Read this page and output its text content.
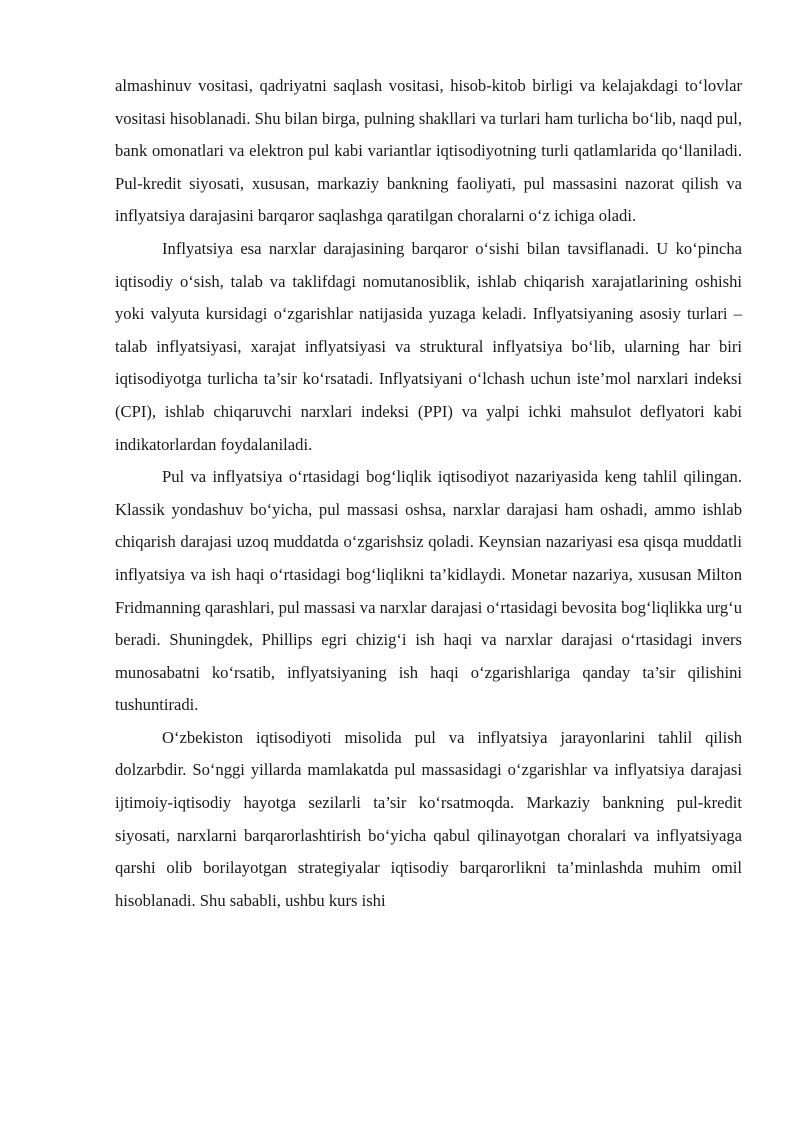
almashinuv vositasi, qadriyatni saqlash vositasi, hisob-kitob birligi va kelajakdagi to‘lovlar vositasi hisoblanadi. Shu bilan birga, pulning shakllari va turlari ham turlicha bo‘lib, naqd pul, bank omonatlari va elektron pul kabi variantlar iqtisodiyotning turli qatlamlarida qo‘llaniladi. Pul-kredit siyosati, xususan, markaziy bankning faoliyati, pul massasini nazorat qilish va inflyatsiya darajasini barqaror saqlashga qaratilgan choralarni o‘z ichiga oladi.

Inflyatsiya esa narxlar darajasining barqaror o‘sishi bilan tavsiflanadi. U ko‘pincha iqtisodiy o‘sish, talab va taklifdagi nomutanosiblik, ishlab chiqarish xarajatlarining oshishi yoki valyuta kursidagi o‘zgarishlar natijasida yuzaga keladi. Inflyatsiyaning asosiy turlari – talab inflyatsiyasi, xarajat inflyatsiyasi va struktural inflyatsiya bo‘lib, ularning har biri iqtisodiyotga turlicha ta’sir ko‘rsatadi. Inflyatsiyani o‘lchash uchun iste’mol narxlari indeksi (CPI), ishlab chiqaruvchi narxlari indeksi (PPI) va yalpi ichki mahsulot deflyatori kabi indikatorlardan foydalaniladi.

Pul va inflyatsiya o‘rtasidagi bog‘liqlik iqtisodiyot nazariyasida keng tahlil qilingan. Klassik yondashuv bo‘yicha, pul massasi oshsa, narxlar darajasi ham oshadi, ammo ishlab chiqarish darajasi uzoq muddatda o‘zgarishsiz qoladi. Keynsian nazariyasi esa qisqa muddatli inflyatsiya va ish haqi o‘rtasidagi bog‘liqlikni ta’kidlaydi. Monetar nazariya, xususan Milton Fridmanning qarashlari, pul massasi va narxlar darajasi o‘rtasidagi bevosita bog‘liqlikka urg‘u beradi. Shuningdek, Phillips egri chizig‘i ish haqi va narxlar darajasi o‘rtasidagi invers munosabatni ko‘rsatib, inflyatsiyaning ish haqi o‘zgarishlariga qanday ta’sir qilishini tushuntiradi.

O‘zbekiston iqtisodiyoti misolida pul va inflyatsiya jarayonlarini tahlil qilish dolzarbdir. So‘nggi yillarda mamlakatda pul massasidagi o‘zgarishlar va inflyatsiya darajasi ijtimoiy-iqtisodiy hayotga sezilarli ta’sir ko‘rsatmoqda. Markaziy bankning pul-kredit siyosati, narxlarni barqarorlashtirish bo‘yicha qabul qilinayotgan choralari va inflyatsiyaga qarshi olib borilayotgan strategiyalar iqtisodiy barqarorlikni ta’minlashda muhim omil hisoblanadi. Shu sababli, ushbu kurs ishi
